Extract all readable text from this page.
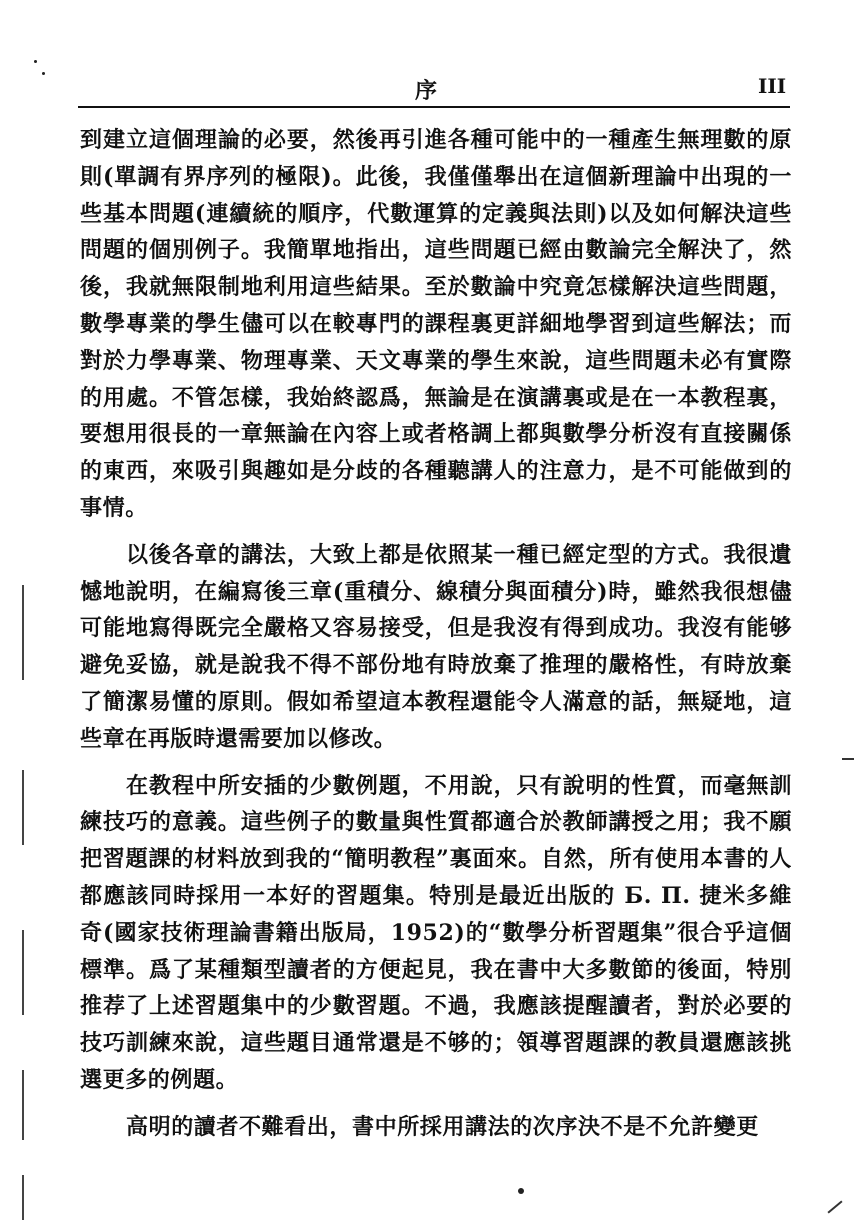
序	III

到建立這個理論的必要，然後再引進各種可能中的一種產生無理數的原則(單調有界序列的極限)。此後，我僅僅舉出在這個新理論中出現的一些基本問題(連續統的順序，代數運算的定義與法則)以及如何解決這些問題的個別例子。我簡單地指出，這些問題已經由數論完全解決了，然後，我就無限制地利用這些結果。至於數論中究竟怎樣解決這些問題，數學專業的學生儘可以在較專門的課程裏更詳細地學習到這些解法；而對於力學專業、物理專業、天文專業的學生來說，這些問題未必有實際的用處。不管怎樣，我始終認爲，無論是在演講裏或是在一本教程裏，要想用很長的一章無論在內容上或者格調上都與數學分析沒有直接關係的東西，來吸引與趣如是分歧的各種聽講人的注意力，是不可能做到的事情。

以後各章的講法，大致上都是依照某一種已經定型的方式。我很遺憾地說明，在編寫後三章(重積分、線積分與面積分)時，雖然我很想儘可能地寫得既完全嚴格又容易接受，但是我沒有得到成功。我沒有能够避免妥協，就是說我不得不部份地有時放棄了推理的嚴格性，有時放棄了簡潔易懂的原則。假如希望這本教程還能令人滿意的話，無疑地，這些章在再版時還需要加以修改。

在教程中所安插的少數例題，不用說，只有說明的性質，而毫無訓練技巧的意義。這些例子的數量與性質都適合於教師講授之用；我不願把習題課的材料放到我的“簡明教程”裏面來。自然，所有使用本書的人都應該同時採用一本好的習題集。特別是最近出版的 Б. П. 捷米多維奇(國家技術理論書籍出版局，1952)的“數學分析習題集”很合乎這個標準。爲了某種類型讀者的方便起見，我在書中大多數節的後面，特別推荐了上述習題集中的少數習題。不過，我應該提醒讀者，對於必要的技巧訓練來說，這些題目通常還是不够的；領導習題課的教員還應該挑選更多的例題。

高明的讀者不難看出，書中所採用講法的次序決不是不允許變更
